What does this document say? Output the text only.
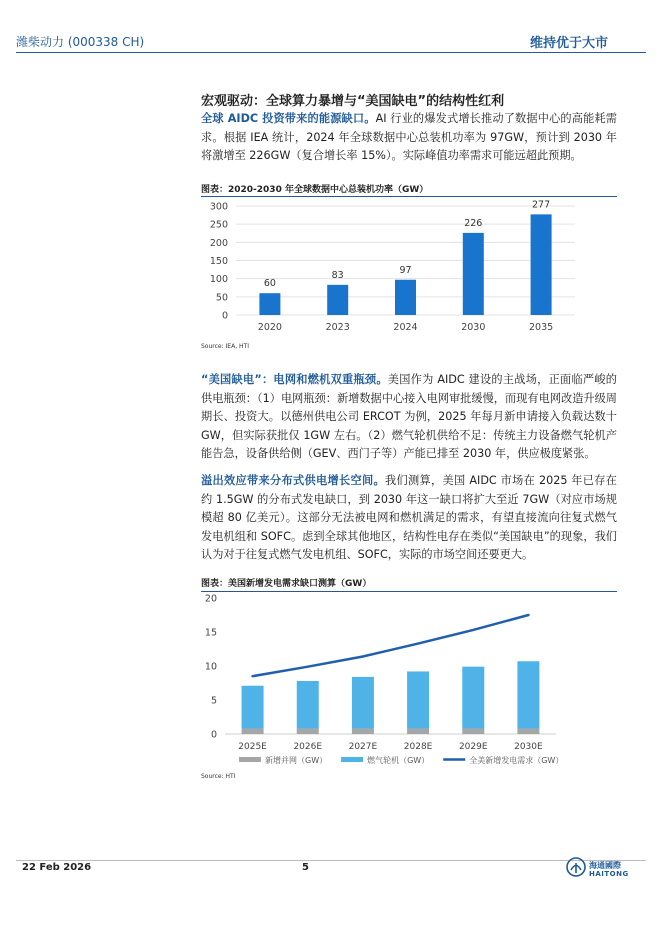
潍柴动力 (000338 CH)	维持优于大市
宏观驱动：全球算力暴增与“美国缺电”的结构性红利

全球 AIDC 投资带来的能源缺口。AI 行业的爆发式增长推动了数据中心的高能耗需求。根据 IEA 统计，2024 年全球数据中心总装机功率为 97GW，预计到 2030 年将激增至 226GW（复合增长率 15%）。实际峰值功率需求可能远超此预期。

图表：2020-2030 年全球数据中心总装机功率（GW）
0
50
100
150
200
250
300
60
2020
83
2023
97
2024
226
2030
277
2035
Source: IEA, HTI

“美国缺电”：电网和燃机双重瓶颈。美国作为 AIDC 建设的主战场，正面临严峻的供电瓶颈：（1）电网瓶颈：新增数据中心接入电网审批缓慢，而现有电网改造升级周期长、投资大。以德州供电公司 ERCOT 为例，2025 年每月新申请接入负载达数十 GW，但实际获批仅 1GW 左右。（2）燃气轮机供给不足：传统主力设备燃气轮机产能告急，设备供给侧（GEV、西门子等）产能已排至 2030 年，供应极度紧张。

溢出效应带来分布式供电增长空间。我们测算，美国 AIDC 市场在 2025 年已存在约 1.5GW 的分布式发电缺口，到 2030 年这一缺口将扩大至近 7GW（对应市场规模超 80 亿美元）。这部分无法被电网和燃机满足的需求，有望直接流向往复式燃气发电机组和 SOFC。虑到全球其他地区，结构性电存在类似“美国缺电”的现象，我们认为对于往复式燃气发电机组、SOFC，实际的市场空间还要更大。

图表：美国新增发电需求缺口测算（GW）
0
5
10
15
20
2025E	2026E	2027E	2028E	2029E	2030E
新增并网（GW）	燃气轮机（GW）	全美新增发电需求（GW）
Source: HTI
22 Feb 2026	5	海通國際
HAITONG
